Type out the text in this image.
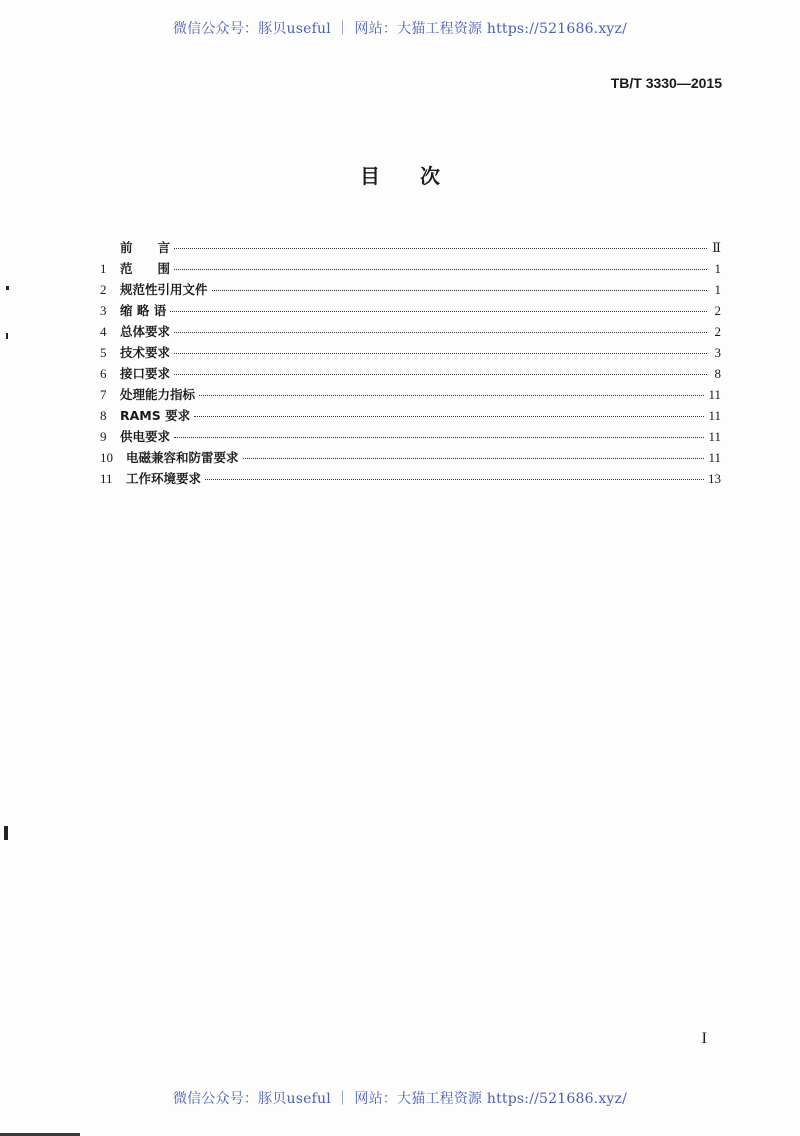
微信公众号：豚贝useful ｜ 网站：大猫工程资源 https://521686.xyz/
TB/T 3330—2015
目次
前　　言	Ⅱ
1	范　　围	1
2	规范性引用文件	1
3	缩 略 语	2
4	总体要求	2
5	技术要求	3
6	接口要求	8
7	处理能力指标	11
8	RAMS 要求	11
9	供电要求	11
10	电磁兼容和防雷要求	11
11	工作环境要求	13
I
微信公众号：豚贝useful ｜ 网站：大猫工程资源 https://521686.xyz/
